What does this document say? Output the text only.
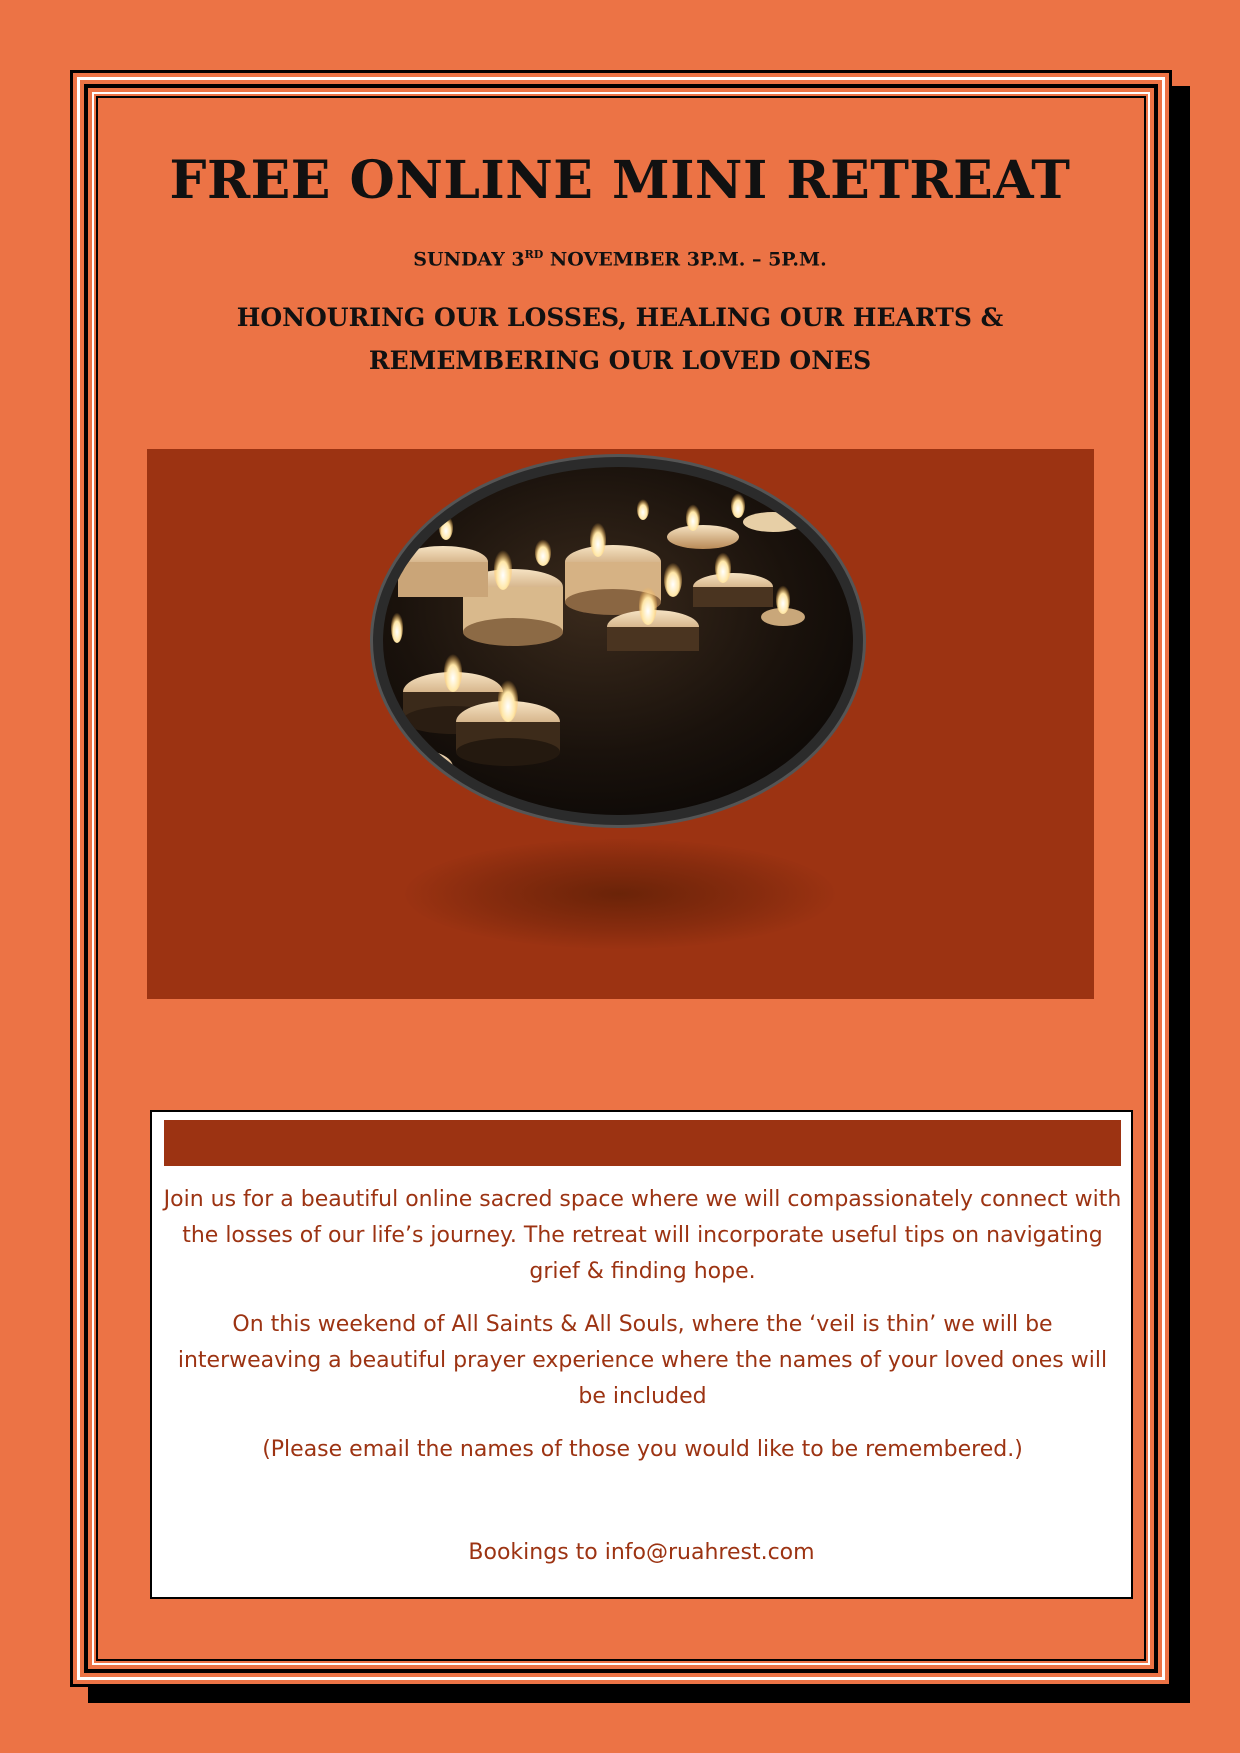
FREE ONLINE MINI RETREAT
SUNDAY 3RD NOVEMBER 3P.M. – 5P.M.
HONOURING OUR LOSSES, HEALING OUR HEARTS &
REMEMBERING OUR LOVED ONES

Join us for a beautiful online sacred space where we will compassionately connect with the losses of our life’s journey. The retreat will incorporate useful tips on navigating grief & finding hope.

On this weekend of All Saints & All Souls, where the ‘veil is thin’ we will be interweaving a beautiful prayer experience where the names of your loved ones will be included

(Please email the names of those you would like to be remembered.)

Bookings to info@ruahrest.com
